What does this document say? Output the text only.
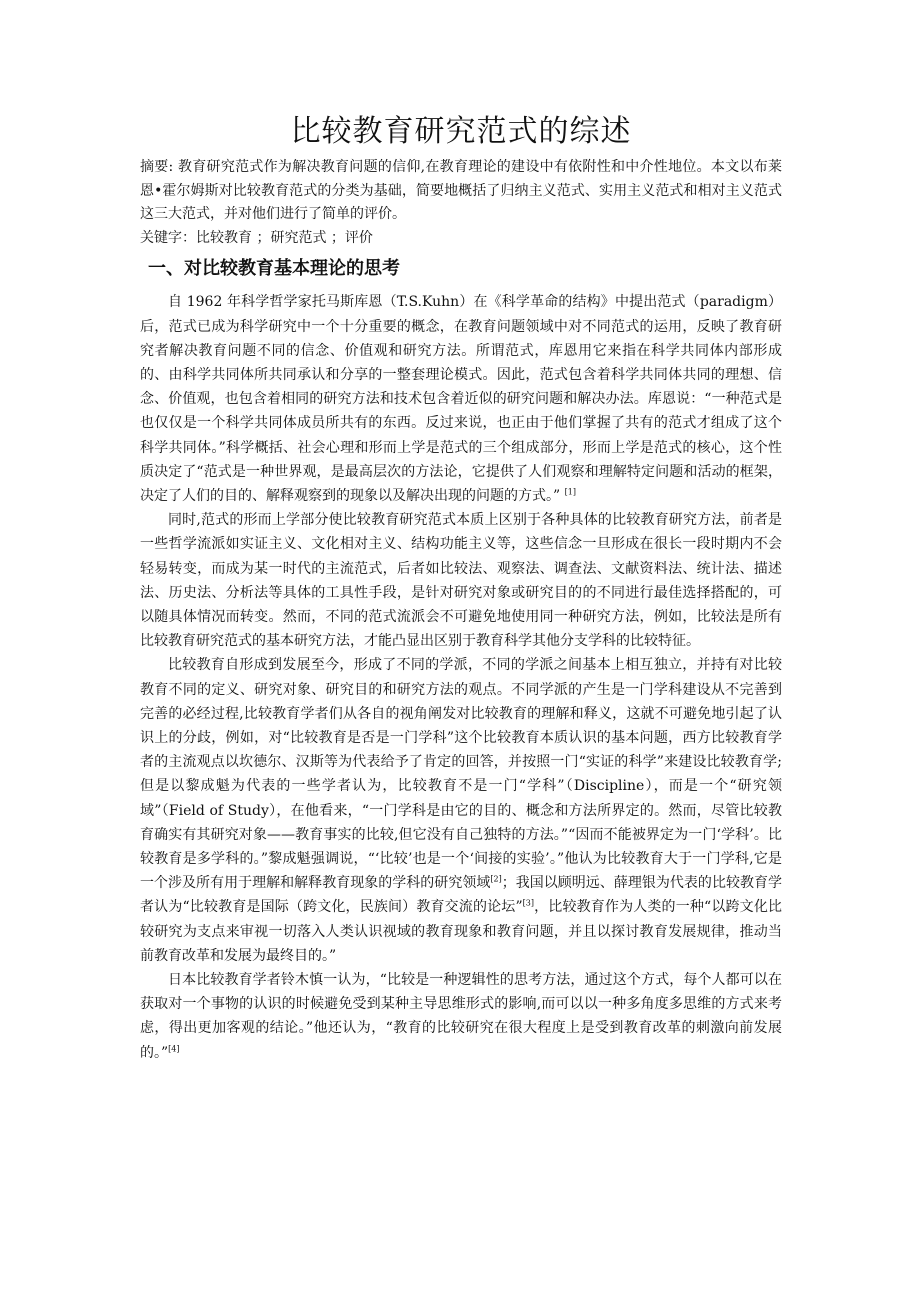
比较教育研究范式的综述

摘要: 教育研究范式作为解决教育问题的信仰,在教育理论的建设中有依附性和中介性地位。本文以布莱恩•霍尔姆斯对比较教育范式的分类为基础，简要地概括了归纳主义范式、实用主义范式和相对主义范式这三大范式，并对他们进行了简单的评价。

关键字：比较教育 ；研究范式 ；评价

一、对比较教育基本理论的思考

自 1962 年科学哲学家托马斯库恩（T.S.Kuhn）在《科学革命的结构》中提出范式（paradigm）后，范式已成为科学研究中一个十分重要的概念，在教育问题领域中对不同范式的运用，反映了教育研究者解决教育问题不同的信念、价值观和研究方法。所谓范式，库恩用它来指在科学共同体内部形成的、由科学共同体所共同承认和分享的一整套理论模式。因此，范式包含着科学共同体共同的理想、信念、价值观，也包含着相同的研究方法和技术包含着近似的研究问题和解决办法。库恩说：“一种范式是也仅仅是一个科学共同体成员所共有的东西。反过来说，也正由于他们掌握了共有的范式才组成了这个科学共同体。”科学概括、社会心理和形而上学是范式的三个组成部分，形而上学是范式的核心，这个性质决定了“范式是一种世界观，是最高层次的方法论，它提供了人们观察和理解特定问题和活动的框架，决定了人们的目的、解释观察到的现象以及解决出现的问题的方式。” [1]

同时,范式的形而上学部分使比较教育研究范式本质上区别于各种具体的比较教育研究方法，前者是一些哲学流派如实证主义、文化相对主义、结构功能主义等，这些信念一旦形成在很长一段时期内不会轻易转变，而成为某一时代的主流范式，后者如比较法、观察法、调查法、文献资料法、统计法、描述法、历史法、分析法等具体的工具性手段，是针对研究对象或研究目的的不同进行最佳选择搭配的，可以随具体情况而转变。然而，不同的范式流派会不可避免地使用同一种研究方法，例如，比较法是所有比较教育研究范式的基本研究方法，才能凸显出区别于教育科学其他分支学科的比较特征。

比较教育自形成到发展至今，形成了不同的学派，不同的学派之间基本上相互独立，并持有对比较教育不同的定义、研究对象、研究目的和研究方法的观点。不同学派的产生是一门学科建设从不完善到完善的必经过程,比较教育学者们从各自的视角阐发对比较教育的理解和释义，这就不可避免地引起了认识上的分歧，例如，对“比较教育是否是一门学科”这个比较教育本质认识的基本问题，西方比较教育学者的主流观点以坎德尔、汉斯等为代表给予了肯定的回答，并按照一门“实证的科学”来建设比较教育学; 但是以黎成魁为代表的一些学者认为，比较教育不是一门“学科”（Discipline），而是一个“研究领域”（Field of Study），在他看来，“一门学科是由它的目的、概念和方法所界定的。然而，尽管比较教育确实有其研究对象——教育事实的比较,但它没有自己独特的方法。”“因而不能被界定为一门‘学科’。比较教育是多学科的。”黎成魁强调说，“‘比较’也是一个‘间接的实验’。”他认为比较教育大于一门学科,它是一个涉及所有用于理解和解释教育现象的学科的研究领域[2]；我国以顾明远、薛理银为代表的比较教育学者认为“比较教育是国际（跨文化，民族间）教育交流的论坛”[3]，比较教育作为人类的一种“以跨文化比较研究为支点来审视一切落入人类认识视域的教育现象和教育问题，并且以探讨教育发展规律，推动当前教育改革和发展为最终目的。”

日本比较教育学者铃木慎一认为，“比较是一种逻辑性的思考方法，通过这个方式，每个人都可以在获取对一个事物的认识的时候避免受到某种主导思维形式的影响,而可以以一种多角度多思维的方式来考虑，得出更加客观的结论。”他还认为，“教育的比较研究在很大程度上是受到教育改革的刺激向前发展的。”[4]
